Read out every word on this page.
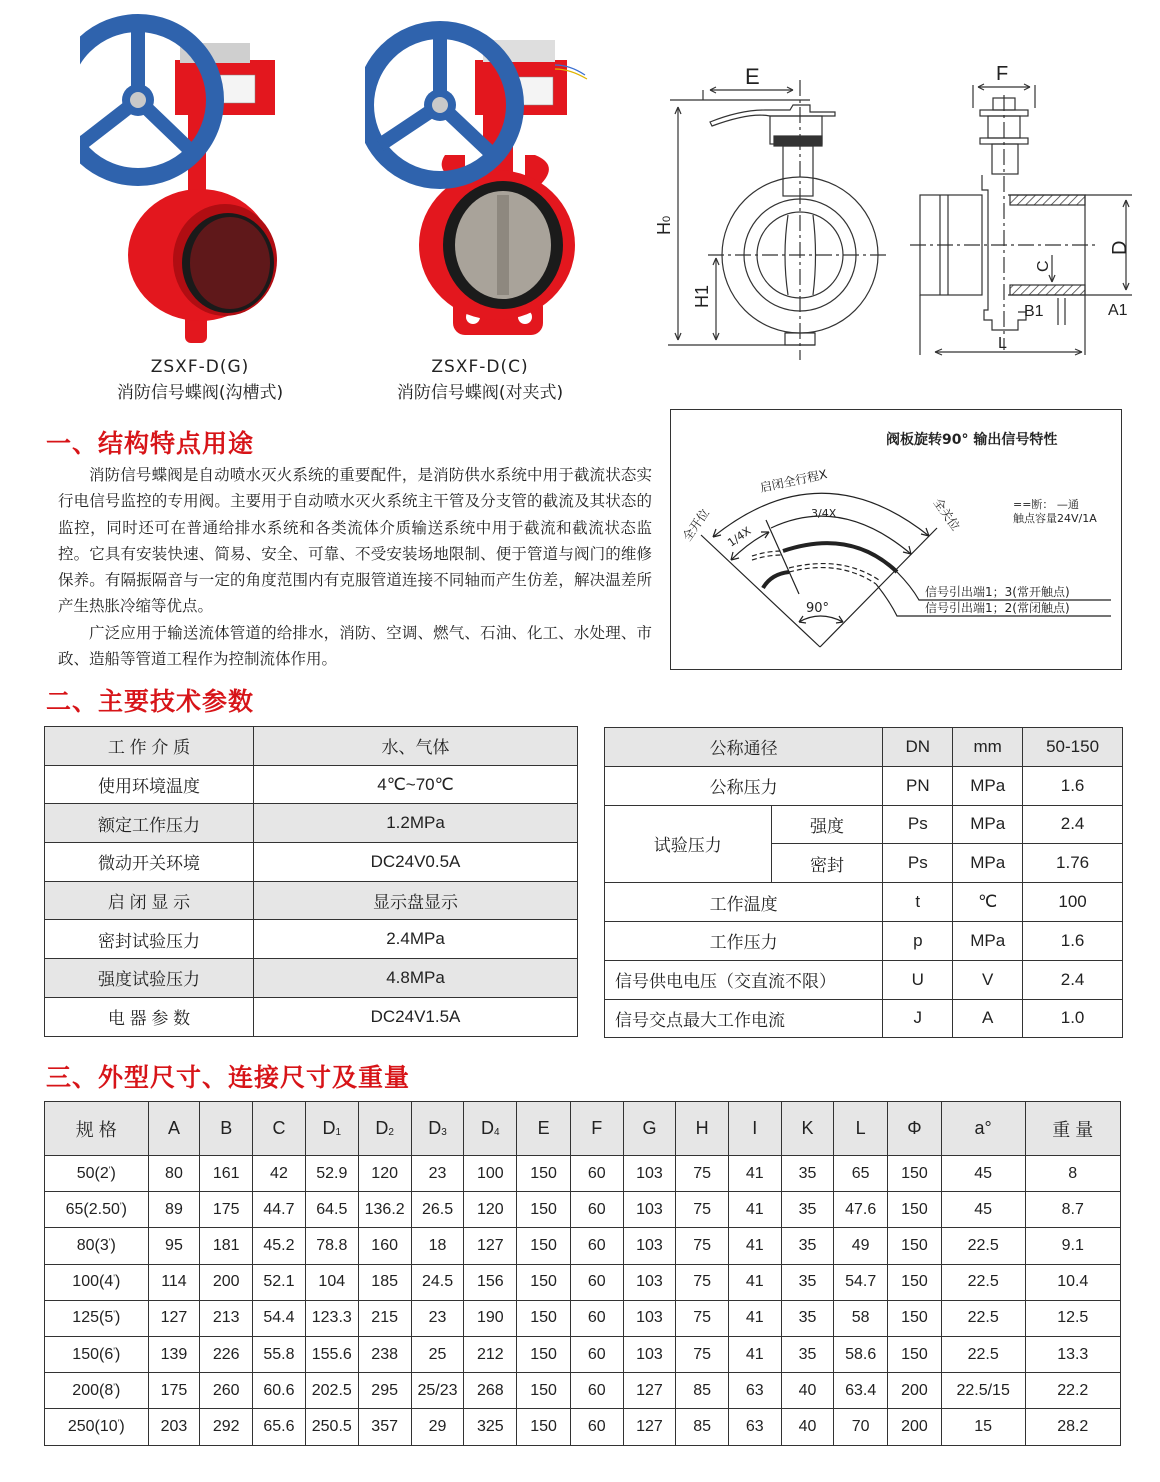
ZSXF-D(G)
消防信号蝶阀(沟槽式)
ZSXF-D(C)
消防信号蝶阀(对夹式)
E
H0
H1
F
D
C
B1	A1
L
一、结构特点用途

消防信号蝶阀是自动喷水灭火系统的重要配件，是消防供水系统中用于截流状态实行电信号监控的专用阀。主要用于自动喷水灭火系统主干管及分支管的截流及其状态的监控，同时还可在普通给排水系统和各类流体介质输送系统中用于截流和截流状态监控。它具有安装快速、简易、安全、可靠、不受安装场地限制、便于管道与阀门的维修保养。有隔振隔音与一定的角度范围内有克服管道连接不同轴而产生仿差，解决温差所产生热胀冷缩等优点。

广泛应用于输送流体管道的给排水，消防、空调、燃气、石油、化工、水处理、市政、造船等管道工程作为控制流体作用。

阀板旋转90° 输出信号特性
90°
启闭全行程X
3/4X
1/4X
全开位	全关位	==断： —通
触点容量24V/1A
信号引出端1；3(常开触点)
信号引出端1；2(常闭触点)
二、主要技术参数
工 作 介 质	水、气体
使用环境温度	4℃~70℃
额定工作压力	1.2MPa
微动开关环境	DC24V0.5A
启 闭 显 示	显示盘显示
密封试验压力	2.4MPa
强度试验压力	4.8MPa
电 器 参 数	DC24V1.5A
公称通径		DN	mm	50-150
公称压力		PN	MPa	1.6
试验压力	强度	Ps	MPa	2.4
	密封	Ps	MPa	1.76
工作温度		t	℃	100
工作压力		p	MPa	1.6
信号供电电压（交直流不限）		U	V	2.4
信号交点最大工作电流		J	A	1.0
三、外型尺寸、连接尺寸及重量
规 格	A	B	C	$D_1$	$D_2$	$D_3$	$D_4$	E	F	G	H	I	K	L	Φ	a°	重 量
50(2')	80	161	42	52.9	120	23	100	150	60	103	75	41	35	65	150	45	8
65(2.50')	89	175	44.7	64.5	136.2	26.5	120	150	60	103	75	41	35	47.6	150	45	8.7
80(3')	95	181	45.2	78.8	160	18	127	150	60	103	75	41	35	49	150	22.5	9.1
100(4')	114	200	52.1	104	185	24.5	156	150	60	103	75	41	35	54.7	150	22.5	10.4
125(5')	127	213	54.4	123.3	215	23	190	150	60	103	75	41	35	58	150	22.5	12.5
150(6')	139	226	55.8	155.6	238	25	212	150	60	103	75	41	35	58.6	150	22.5	13.3
200(8')	175	260	60.6	202.5	295	25/23	268	150	60	127	85	63	40	63.4	200	22.5/15	22.2
250(10')	203	292	65.6	250.5	357	29	325	150	60	127	85	63	40	70	200	15	28.2
